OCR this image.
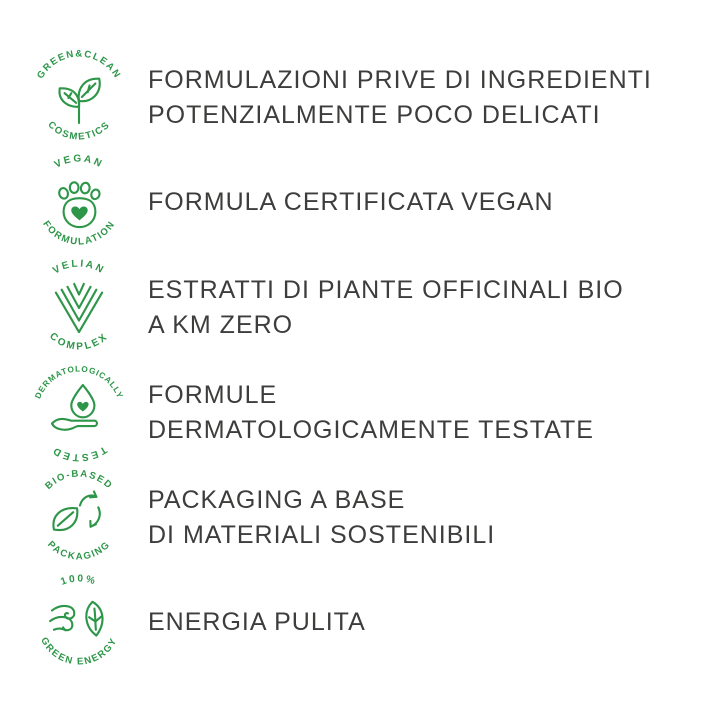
GREEN&CLEAN
COSMETICS
FORMULAZIONI PRIVE DI INGREDIENTI
POTENZIALMENTE POCO DELICATI
VEGAN
FORMULATION
FORMULA CERTIFICATA VEGAN
VELIAN
COMPLEX
ESTRATTI DI PIANTE OFFICINALI BIO
A KM ZERO
DERMATOLOGICALLY
TESTED
FORMULE
DERMATOLOGICAMENTE TESTATE
BIO-BASED
PACKAGING
PACKAGING A BASE
DI MATERIALI SOSTENIBILI
100%
GREEN ENERGY
ENERGIA PULITA
